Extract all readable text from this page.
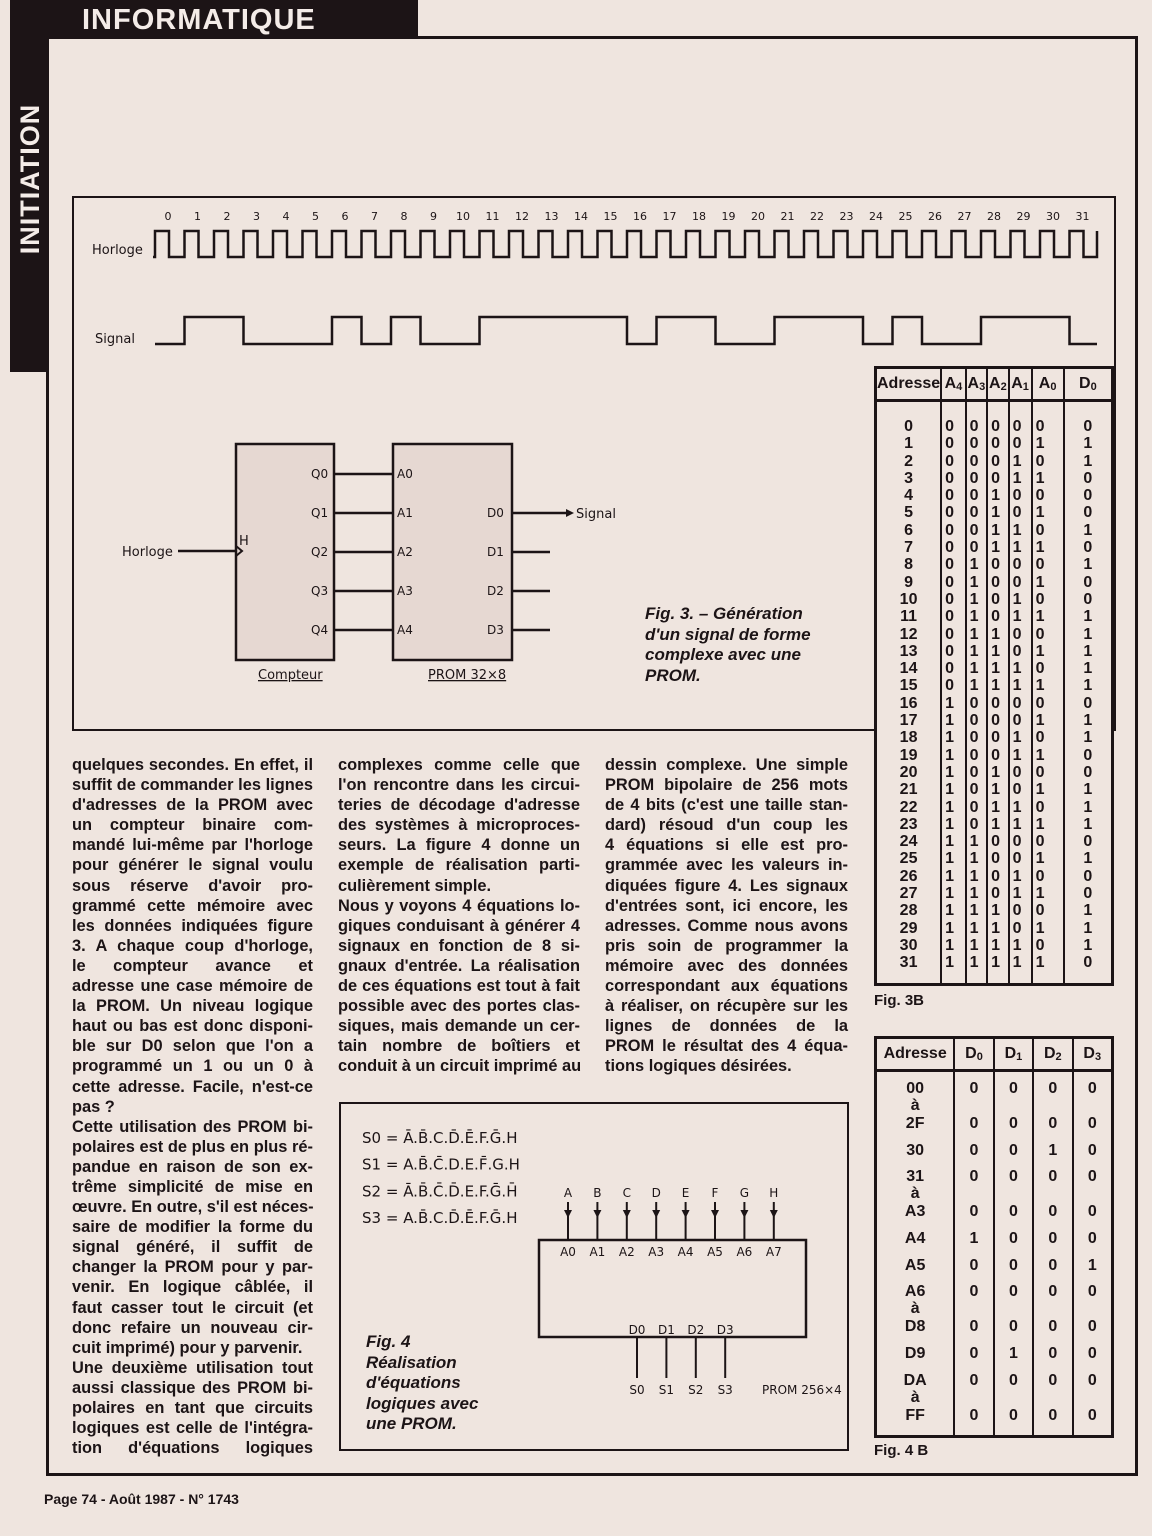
INFORMATIQUE
INITIATION	Horloge
Signal
0 1 2 3 4 5 6 7 8 9 10 11 12 13 14 15 16 17 18 19 20 21 22 23 24 25 26 27 28 29 30 31
Q0	A0
Q1	A1
Q2	A2
Q3	A3
Q4	A4
D0
D1
D2
D3
Horloge
H
Compteur	PROM 32×8
Signal
S0 = Ā.B̄.C.D̄.Ē.F.Ḡ.H
S1 = A.B̄.C̄.D.E.F̄.G.H
S2 = Ā.B̄.C̄.D̄.E.F.Ḡ.H̄
S3 = A.B̄.C.D̄.Ē.F.Ḡ.H
A
A0
B
A1
C
A2
D
A3
E
A4
F
A5
G
A6
H
A7
D0
S0
D1
S1
D2
S2
D3
S3 PROM 256×4
Fig. 3. – Génération
d'un signal de forme
complexe avec une
PROM.
Fig. 4
Réalisation
d'équations
logiques avec
une PROM.
Adresse	$A_4$	$A_3$	$A_2$	$A_1$	$A_0$	$D_0$
0	0	0	0	0	0	0
1	0	0	0	0	1	1
2	0	0	0	1	0	1
3	0	0	0	1	1	0
4	0	0	1	0	0	0
5	0	0	1	0	1	0
6	0	0	1	1	0	1
7	0	0	1	1	1	0
8	0	1	0	0	0	1
9	0	1	0	0	1	0
10	0	1	0	1	0	0
11	0	1	0	1	1	1
12	0	1	1	0	0	1
13	0	1	1	0	1	1
14	0	1	1	1	0	1
15	0	1	1	1	1	1
16	1	0	0	0	0	0
17	1	0	0	0	1	1
18	1	0	0	1	0	1
19	1	0	0	1	1	0
20	1	0	1	0	0	0
21	1	0	1	0	1	1
22	1	0	1	1	0	1
23	1	0	1	1	1	1
24	1	1	0	0	0	0
25	1	1	0	0	1	1
26	1	1	0	1	0	0
27	1	1	0	1	1	0
28	1	1	1	0	0	1
29	1	1	1	0	1	1
30	1	1	1	1	0	1
31	1	1	1	1	1	0

Fig. 3B
Adresse	$D_0$	$D_1$	$D_2$	$D_3$
00	0	0	0	0
à				
2F	0	0	0	0
30	0	0	1	0
31	0	0	0	0
à				
A3	0	0	0	0
A4	1	0	0	0
A5	0	0	0	1
A6	0	0	0	0
à				
D8	0	0	0	0
D9	0	1	0	0
DA	0	0	0	0
à				
FF	0	0	0	0

Fig. 4 B
quelques secondes. En effet, il
suffit de commander les lignes
d'adresses de la PROM avec
un compteur binaire com-
mandé lui-même par l'horloge
pour générer le signal voulu
sous réserve d'avoir pro-
grammé cette mémoire avec
les données indiquées figure
3. A chaque coup d'horloge,
le compteur avance et
adresse une case mémoire de
la PROM. Un niveau logique
haut ou bas est donc disponi-
ble sur D0 selon que l'on a
programmé un 1 ou un 0 à
cette adresse. Facile, n'est-ce
pas ?
Cette utilisation des PROM bi-
polaires est de plus en plus ré-
pandue en raison de son ex-
trême simplicité de mise en
œuvre. En outre, s'il est néces-
saire de modifier la forme du
signal généré, il suffit de
changer la PROM pour y par-
venir. En logique câblée, il
faut casser tout le circuit (et
donc refaire un nouveau cir-
cuit imprimé) pour y parvenir.
Une deuxième utilisation tout
aussi classique des PROM bi-
polaires en tant que circuits
logiques est celle de l'intégra-
tion d'équations logiques
complexes comme celle que
l'on rencontre dans les circui-
teries de décodage d'adresse
des systèmes à microproces-
seurs. La figure 4 donne un
exemple de réalisation parti-
culièrement simple.
Nous y voyons 4 équations lo-
giques conduisant à générer 4
signaux en fonction de 8 si-
gnaux d'entrée. La réalisation
de ces équations est tout à fait
possible avec des portes clas-
siques, mais demande un cer-
tain nombre de boîtiers et
conduit à un circuit imprimé au
dessin complexe. Une simple
PROM bipolaire de 256 mots
de 4 bits (c'est une taille stan-
dard) résoud d'un coup les
4 équations si elle est pro-
grammée avec les valeurs in-
diquées figure 4. Les signaux
d'entrées sont, ici encore, les
adresses. Comme nous avons
pris soin de programmer la
mémoire avec des données
correspondant aux équations
à réaliser, on récupère sur les
lignes de données de la
PROM le résultat des 4 équa-
tions logiques désirées.
Page 74 - Août 1987 - N° 1743
